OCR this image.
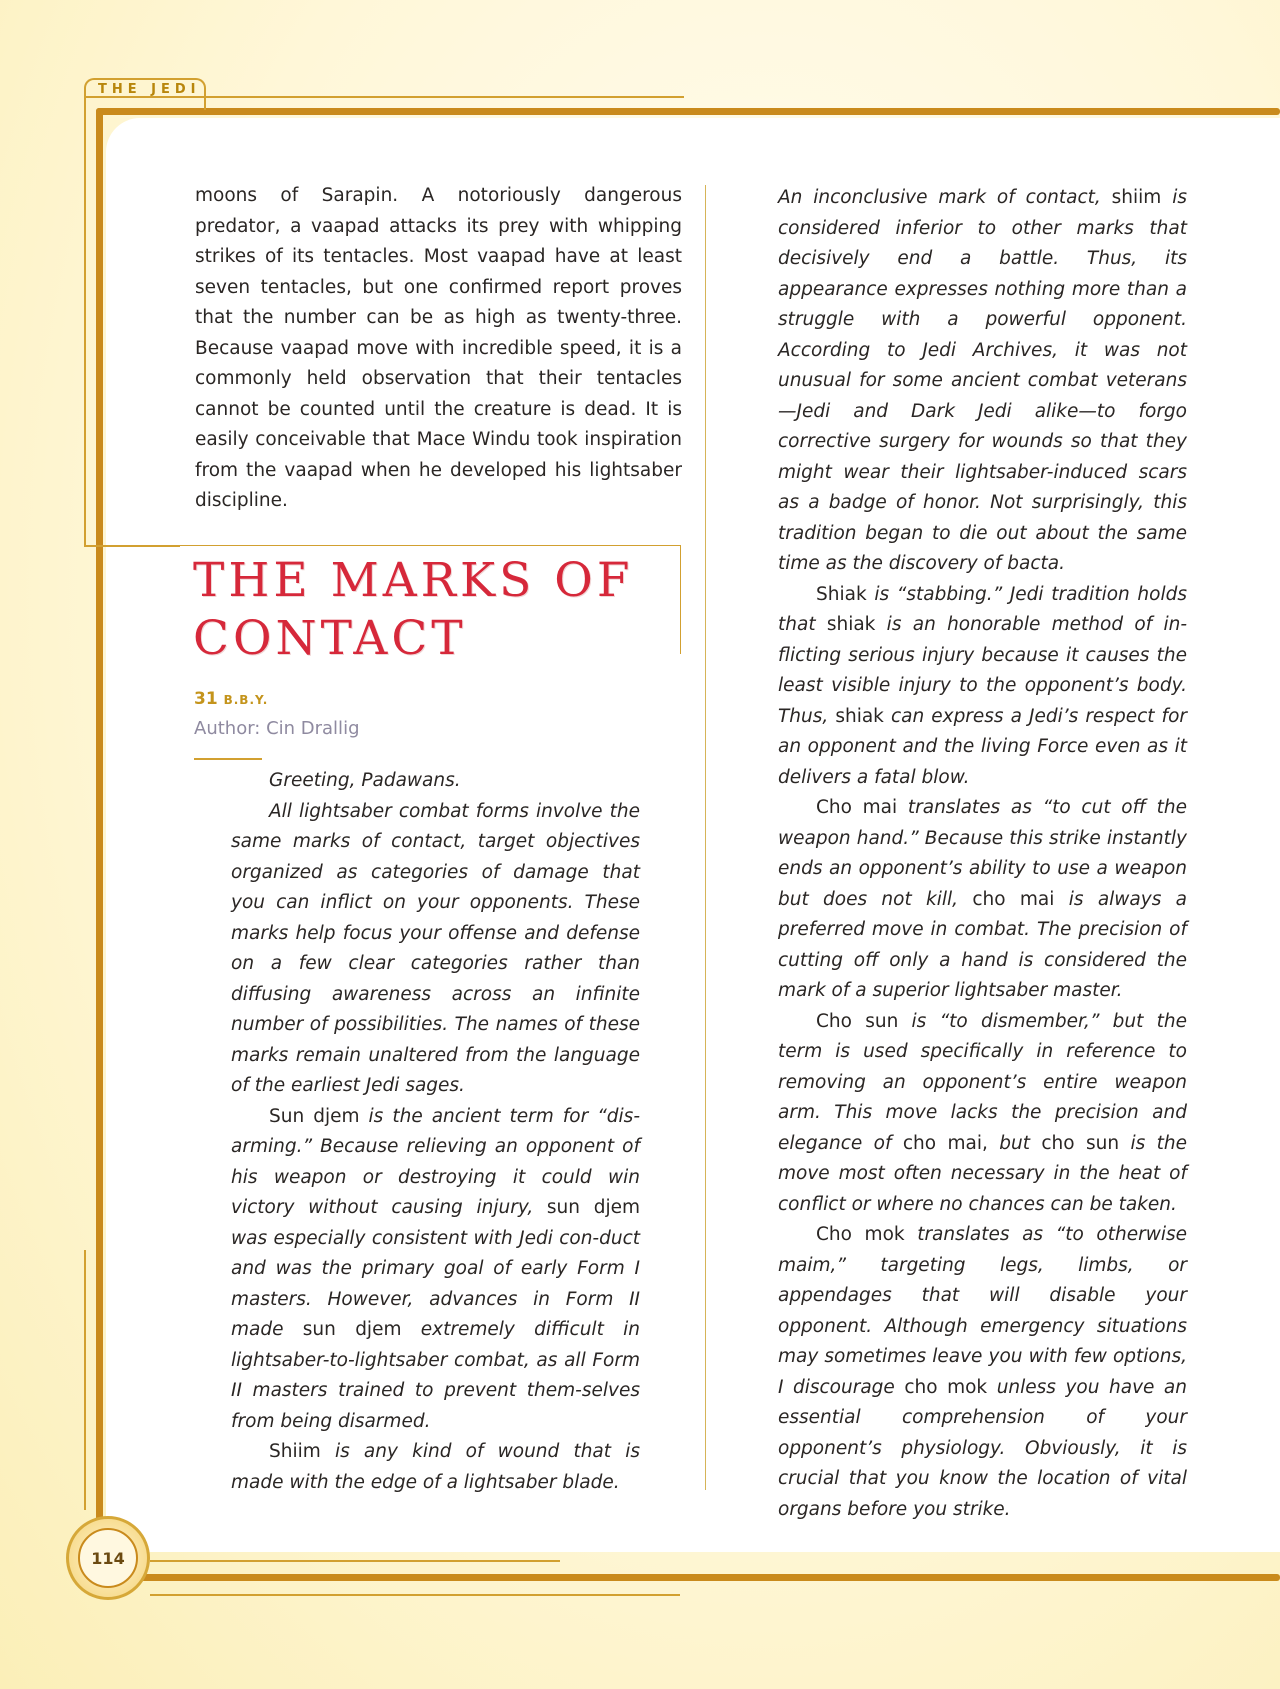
THE JEDI

moons of Sarapin. A notoriously dangerous predator, a vaapad attacks its prey with whipping strikes of its tentacles. Most vaapad have at least seven tentacles, but one confirmed report proves that the number can be as high as twenty-three. Because vaapad move with incredible speed, it is a commonly held observation that their tentacles cannot be counted until the creature is dead. It is easily conceivable that Mace Windu took inspiration from the vaapad when he developed his lightsaber discipline.

THE MARKS OF
CONTACT
31 B.B.Y.
Author: Cin Drallig

Greeting, Padawans.

All lightsaber combat forms involve the same marks of contact, target objectives organized as categories of damage that you can inflict on your opponents. These marks help focus your offense and defense on a few clear categories rather than diffusing awareness across an infinite number of possibilities. The names of these marks remain unaltered from the language of the earliest Jedi sages.

Sun djem is the ancient term for “dis-arming.” Because relieving an opponent of his weapon or destroying it could win victory without causing injury, sun djem was especially consistent with Jedi con-duct and was the primary goal of early Form I masters. However, advances in Form II made sun djem extremely difficult in lightsaber-to-lightsaber combat, as all Form II masters trained to prevent them-selves from being disarmed.

Shiim is any kind of wound that is made with the edge of a lightsaber blade.

An inconclusive mark of contact, shiim is considered inferior to other marks that decisively end a battle. Thus, its appearance expresses nothing more than a struggle with a powerful opponent. According to Jedi Archives, it was not unusual for some ancient combat veterans—Jedi and Dark Jedi alike—to forgo corrective surgery for wounds so that they might wear their lightsaber-induced scars as a badge of honor. Not surprisingly, this tradition began to die out about the same time as the discovery of bacta.

Shiak is “stabbing.” Jedi tradition holds that shiak is an honorable method of in-flicting serious injury because it causes the least visible injury to the opponent’s body. Thus, shiak can express a Jedi’s respect for an opponent and the living Force even as it delivers a fatal blow.

Cho mai translates as “to cut off the weapon hand.” Because this strike instantly ends an opponent’s ability to use a weapon but does not kill, cho mai is always a preferred move in combat. The precision of cutting off only a hand is considered the mark of a superior lightsaber master.

Cho sun is “to dismember,” but the term is used specifically in reference to removing an opponent’s entire weapon arm. This move lacks the precision and elegance of cho mai, but cho sun is the move most often necessary in the heat of conflict or where no chances can be taken.

Cho mok translates as “to otherwise maim,” targeting legs, limbs, or appendages that will disable your opponent. Although emergency situations may sometimes leave you with few options, I discourage cho mok unless you have an essential comprehension of your opponent’s physiology. Obviously, it is crucial that you know the location of vital organs before you strike.

114
